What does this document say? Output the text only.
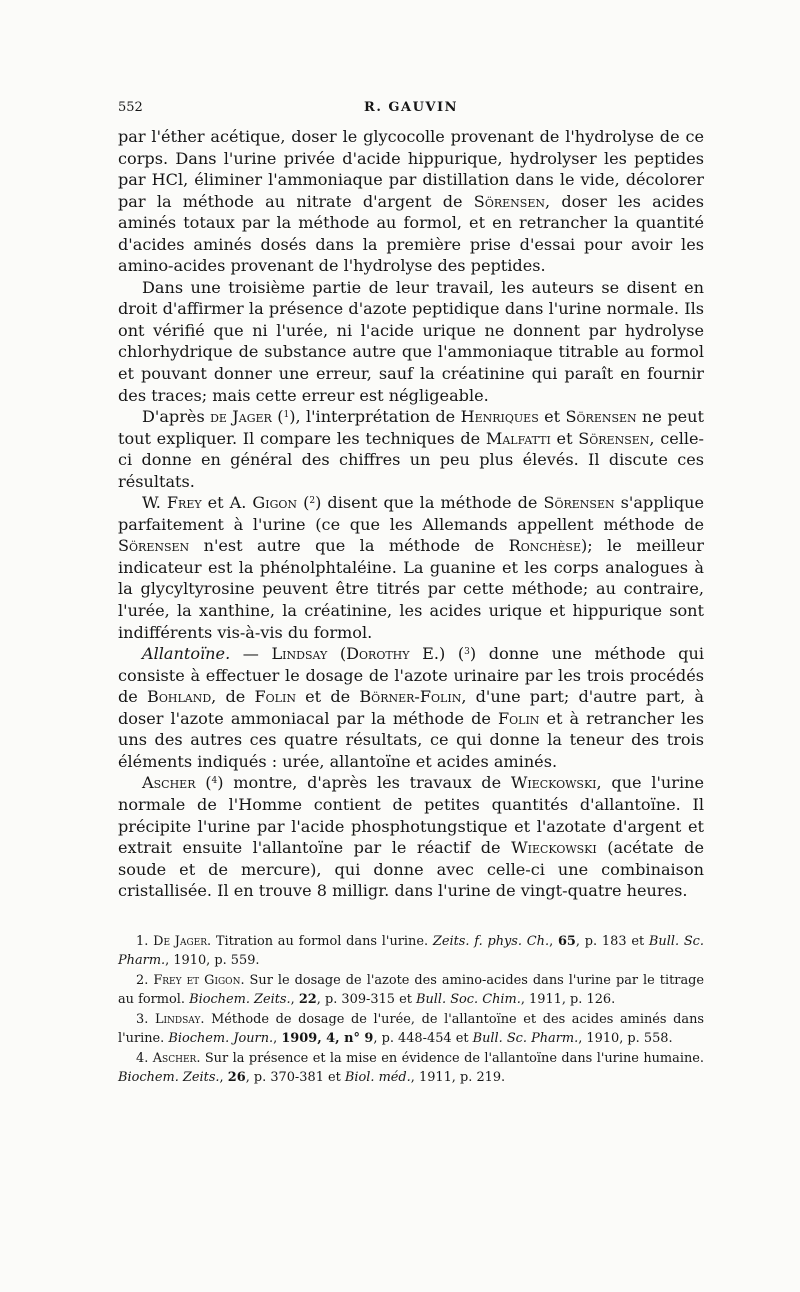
552	R. GAUVIN

par l'éther acétique, doser le glycocolle provenant de l'hydrolyse de ce corps. Dans l'urine privée d'acide hippurique, hydrolyser les peptides par HCl, éliminer l'ammoniaque par distillation dans le vide, décolorer par la méthode au nitrate d'argent de Sörensen, doser les acides aminés totaux par la méthode au formol, et en retrancher la quantité d'acides aminés dosés dans la première prise d'essai pour avoir les amino-acides provenant de l'hydrolyse des peptides.

Dans une troisième partie de leur travail, les auteurs se disent en droit d'affirmer la présence d'azote peptidique dans l'urine normale. Ils ont vérifié que ni l'urée, ni l'acide urique ne donnent par hydrolyse chlorhydrique de substance autre que l'ammoniaque titrable au formol et pouvant donner une erreur, sauf la créatinine qui paraît en fournir des traces; mais cette erreur est négligeable.

D'après de Jager ($^1$), l'interprétation de Henriques et Sörensen ne peut tout expliquer. Il compare les techniques de Malfatti et Sörensen, celle-ci donne en général des chiffres un peu plus élevés. Il discute ces résultats.

W. Frey et A. Gigon ($^2$) disent que la méthode de Sörensen s'applique parfaitement à l'urine (ce que les Allemands appellent méthode de Sörensen n'est autre que la méthode de Ronchèse); le meilleur indicateur est la phénolphtaléine. La guanine et les corps analogues à la glycyltyrosine peuvent être titrés par cette méthode; au contraire, l'urée, la xanthine, la créatinine, les acides urique et hippurique sont indifférents vis-à-vis du formol.

Allantoïne. — Lindsay (Dorothy E.) ($^3$) donne une méthode qui consiste à effectuer le dosage de l'azote urinaire par les trois procédés de Bohland, de Folin et de Börner-Folin, d'une part; d'autre part, à doser l'azote ammoniacal par la méthode de Folin et à retrancher les uns des autres ces quatre résultats, ce qui donne la teneur des trois éléments indiqués : urée, allantoïne et acides aminés.

Ascher ($^4$) montre, d'après les travaux de Wieckowski, que l'urine normale de l'Homme contient de petites quantités d'allantoïne. Il précipite l'urine par l'acide phosphotungstique et l'azotate d'argent et extrait ensuite l'allantoïne par le réactif de Wieckowski (acétate de soude et de mercure), qui donne avec celle-ci une combinaison cristallisée. Il en trouve 8 milligr. dans l'urine de vingt-quatre heures.

1. De Jager. Titration au formol dans l'urine. Zeits. f. phys. Ch., 65, p. 183 et Bull. Sc. Pharm., 1910, p. 559.

2. Frey et Gigon. Sur le dosage de l'azote des amino-acides dans l'urine par le titrage au formol. Biochem. Zeits., 22, p. 309-315 et Bull. Soc. Chim., 1911, p. 126.

3. Lindsay. Méthode de dosage de l'urée, de l'allantoïne et des acides aminés dans l'urine. Biochem. Journ., 1909, 4, n° 9, p. 448-454 et Bull. Sc. Pharm., 1910, p. 558.

4. Ascher. Sur la présence et la mise en évidence de l'allantoïne dans l'urine humaine. Biochem. Zeits., 26, p. 370-381 et Biol. méd., 1911, p. 219.
